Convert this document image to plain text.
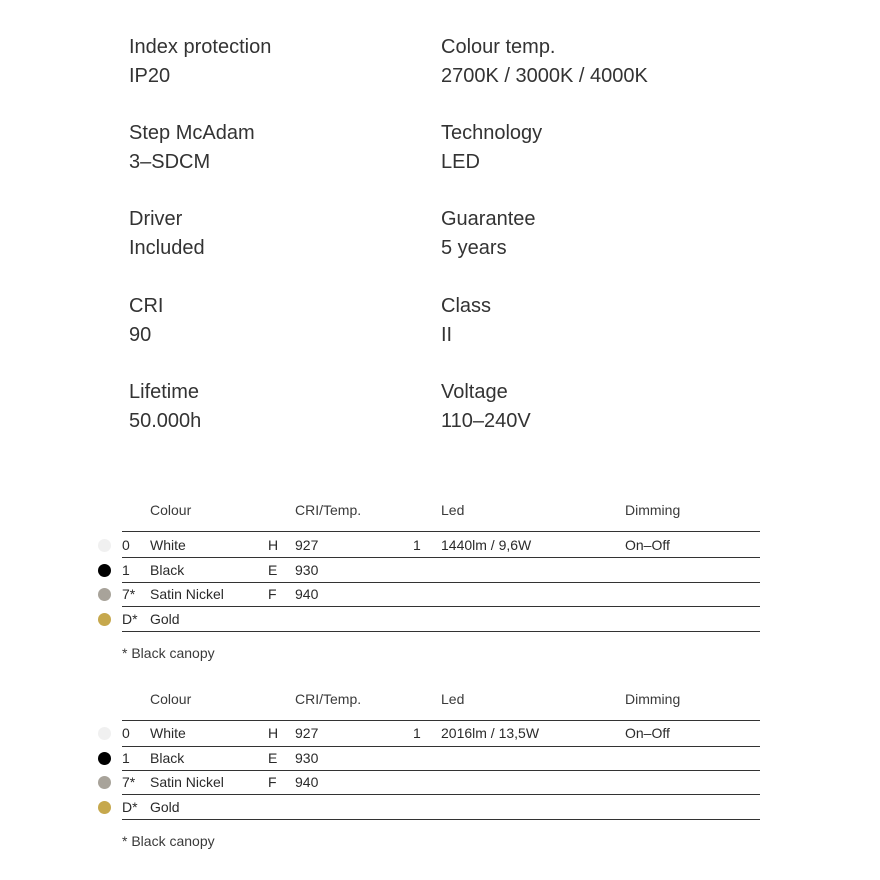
Index protection
IP20
Colour temp.
2700K / 3000K / 4000K
Step McAdam
3–SDCM
Technology
LED
Driver
Included
Guarantee
5 years
CRI
90
Class
II
Lifetime
50.000h
Voltage
110–240V
Colour	CRI/Temp.	Led	Dimming
0 White	H 927	1 1440lm / 9,6W	On–Off
1 Black	E 930
7* Satin Nickel	F 940
D* Gold
* Black canopy
Colour	CRI/Temp.	Led	Dimming
0 White	H 927	1 2016lm / 13,5W	On–Off
1 Black	E 930
7* Satin Nickel	F 940
D* Gold
* Black canopy
